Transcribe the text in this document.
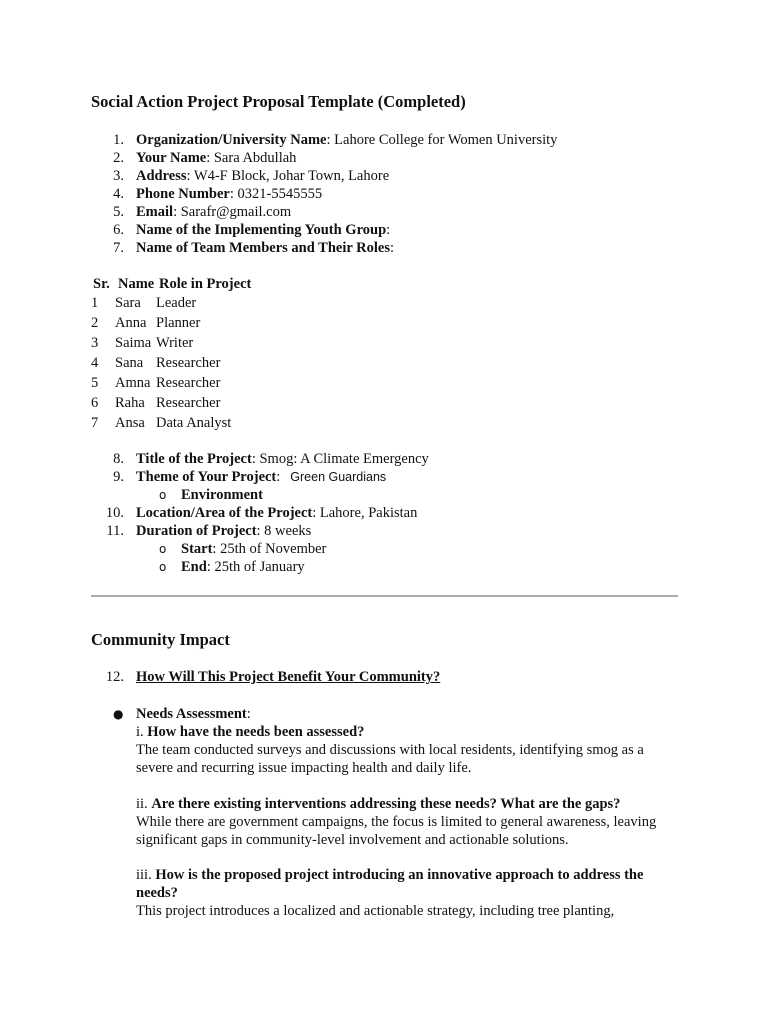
Social Action Project Proposal Template (Completed)
1. Organization/University Name: Lahore College for Women University
2. Your Name: Sara Abdullah
3. Address: W4-F Block, Johar Town, Lahore
4. Phone Number: 0321-5545555
5. Email: Sarafr@gmail.com
6. Name of the Implementing Youth Group:
7. Name of Team Members and Their Roles:
Sr. Name Role in Project
1 Sara Leader
2 Anna Planner
3 Saima Writer
4 Sana Researcher
5 Amna Researcher
6 Raha Researcher
7 Ansa Data Analyst
8. Title of the Project: Smog: A Climate Emergency
9. Theme of Your Project: Green Guardians
o Environment
10. Location/Area of the Project: Lahore, Pakistan
11. Duration of Project: 8 weeks
o Start: 25th of November
o End: 25th of January
Community Impact
12. How Will This Project Benefit Your Community?
● Needs Assessment:

i. How have the needs been assessed?

The team conducted surveys and discussions with local residents, identifying smog as a

severe and recurring issue impacting health and daily life.

ii. Are there existing interventions addressing these needs? What are the gaps?

While there are government campaigns, the focus is limited to general awareness, leaving

significant gaps in community-level involvement and actionable solutions.

iii. How is the proposed project introducing an innovative approach to address the

needs?

This project introduces a localized and actionable strategy, including tree planting,
